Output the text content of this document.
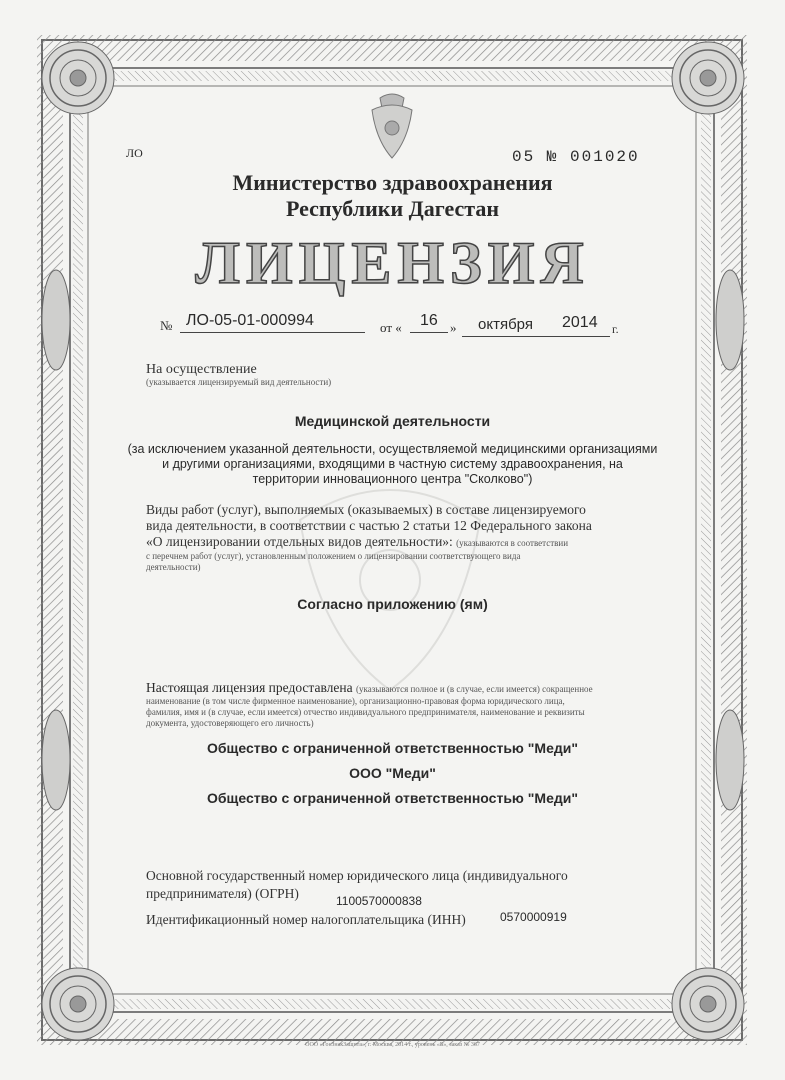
ЛО	05 № 001020
Министерство здравоохранения
Республики Дагестан
ЛИЦЕНЗИЯ
№ ЛО-05-01-000994	от « 16 » октября 2014 г.
На осуществление
(указывается лицензируемый вид деятельности)
Медицинской деятельности
(за исключением указанной деятельности, осуществляемой медицинскими организациями
и другими организациями, входящими в частную систему здравоохранения, на
территории инновационного центра "Сколково")
Виды работ (услуг), выполняемых (оказываемых) в составе лицензируемого
вида деятельности, в соответствии с частью 2 статьи 12 Федерального закона
«О лицензировании отдельных видов деятельности»: (указываются в соответствии
с перечнем работ (услуг), установленным положением о лицензировании соответствующего вида
деятельности)
Согласно приложению (ям)
Настоящая лицензия предоставлена (указываются полное и (в случае, если имеется) сокращенное
наименование (в том числе фирменное наименование), организационно-правовая форма юридического лица,
фамилия, имя и (в случае, если имеется) отчество индивидуального предпринимателя, наименование и реквизиты
документа, удостоверяющего его личность)
Общество с ограниченной ответственностью "Меди"
ООО "Меди"
Общество с ограниченной ответственностью "Меди"
Основной государственный номер юридического лица (индивидуального
предпринимателя) (ОГРН)	1100570000838
Идентификационный номер налогоплательщика (ИНН)	0570000919
ООО «ГосЗнакЗащита», г. Москва, 2014 г., уровень «Б», заказ № 367
